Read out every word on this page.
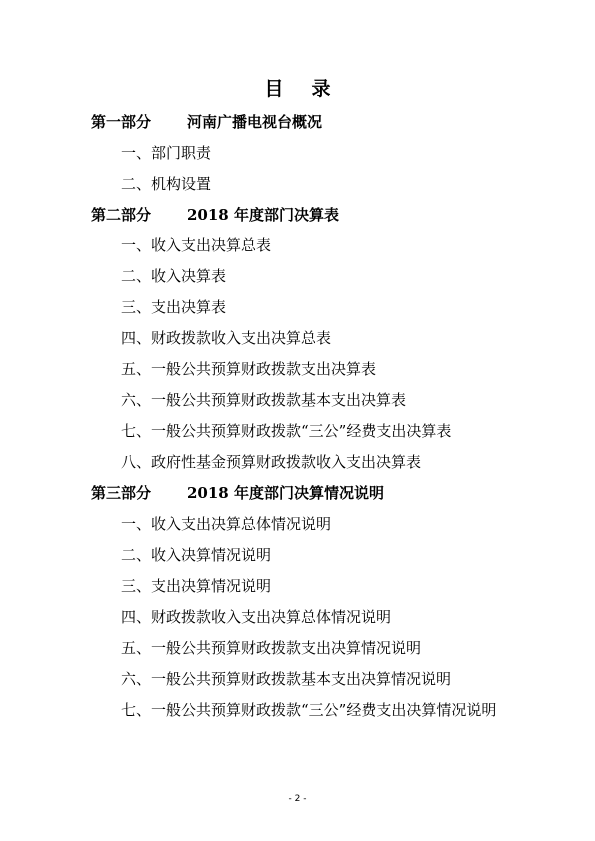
目录
第一部分 河南广播电视台概况
一、部门职责
二、机构设置
第二部分 2018 年度部门决算表
一、收入支出决算总表
二、收入决算表
三、支出决算表
四、财政拨款收入支出决算总表
五、一般公共预算财政拨款支出决算表
六、一般公共预算财政拨款基本支出决算表
七、一般公共预算财政拨款“三公”经费支出决算表
八、政府性基金预算财政拨款收入支出决算表
第三部分 2018 年度部门决算情况说明
一、收入支出决算总体情况说明
二、收入决算情况说明
三、支出决算情况说明
四、财政拨款收入支出决算总体情况说明
五、一般公共预算财政拨款支出决算情况说明
六、一般公共预算财政拨款基本支出决算情况说明
七、一般公共预算财政拨款“三公”经费支出决算情况说明
- 2 -
